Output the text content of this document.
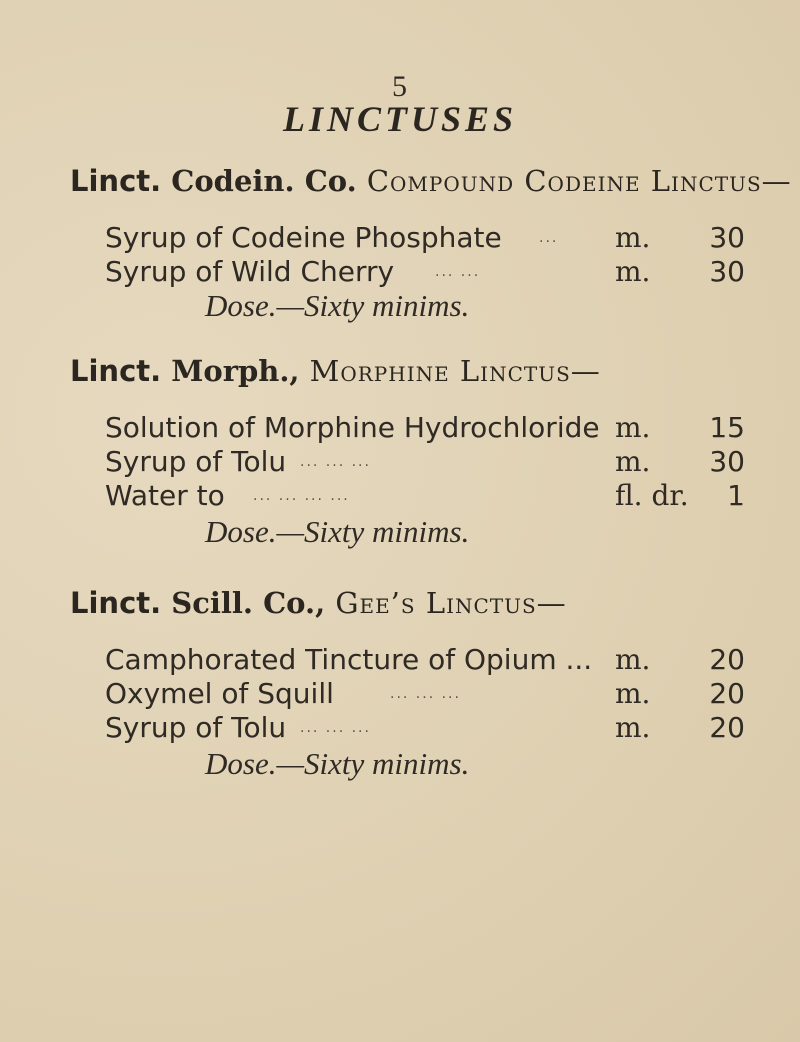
5
LINCTUSES
Linct. Codein. Co. Compound Codeine Linctus—
Syrup of Codeine Phosphate	... m. 30
Syrup of Wild Cherry	... ...	m. 30
Dose.—Sixty minims.
Linct. Morph., Morphine Linctus—
Solution of Morphine Hydrochloride m. 15
Syrup of Tolu ... ... ...	m. 30
Water to ... ... ... ...	fl. dr. 1
Dose.—Sixty minims.
Linct. Scill. Co., Gee’s Linctus—
Camphorated Tincture of Opium ... m. 20
Oxymel of Squill	... ... ...	m. 20
Syrup of Tolu ... ... ...	m. 20
Dose.—Sixty minims.
